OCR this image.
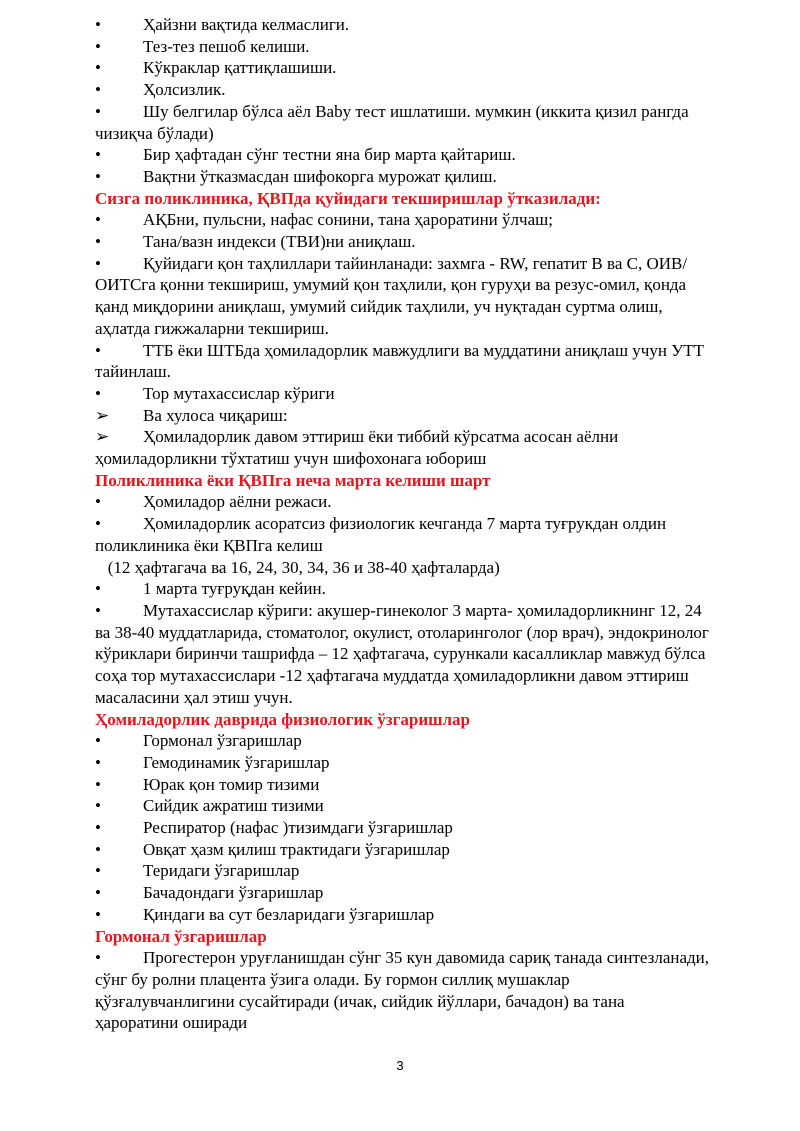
• Ҳайзни вақтида келмаслиги.
• Тез-тез пешоб келиши.
• Кўкраклар қаттиқлашиши.
• Ҳолсизлик.
• Шу белгилар бўлса аёл Baby тест ишлатиши. мумкин (иккита қизил рангда чизиқча бўлади)
• Бир ҳафтадан сўнг тестни яна бир марта қайтариш.
• Вақтни ўтказмасдан шифокорга мурожат қилиш.
Сизга поликлиника, ҚВПда қуйидаги текширишлар ўтказилади:
• АҚБни, пульсни, нафас сонини, тана ҳароратини ўлчаш;
• Тана/вазн индекси (ТВИ)ни аниқлаш.
• Қуйидаги қон таҳлиллари тайинланади: захмга - RW, гепатит В ва С, ОИВ/ОИТСга қонни текшириш, умумий қон таҳлили, қон гуруҳи ва резус-омил, қонда қанд миқдорини аниқлаш, умумий сийдик таҳлили, уч нуқтадан суртма олиш, аҳлатда гижжаларни текшириш.
• ТТБ ёки ШТБда ҳомиладорлик мавжудлиги ва муддатини аниқлаш учун УТТ тайинлаш.
• Тор мутахассислар кўриги
➢ Ва хулоса чиқариш:
➢ Ҳомиладорлик давом эттириш ёки тиббий кўрсатма асосан аёлни ҳомиладорликни тўхтатиш учун шифохонага юбориш
Поликлиника ёки ҚВПга неча марта келиши шарт
• Ҳомиладор аёлни режаси.
• Ҳомиладорлик асоратсиз физиологик кечганда 7 марта туғрукдан олдин поликлиника ёки ҚВПга келиш
(12 ҳафтагача ва 16, 24, 30, 34, 36 и 38-40 ҳафталарда)
• 1 марта туғруқдан кейин.
• Мутахассислар кўриги: акушер-гинеколог 3 марта- ҳомиладорликнинг 12, 24 ва 38-40 муддатларида, стоматолог, окулист, отоларинголог (лор врач), эндокринолог кўриклари биринчи ташрифда – 12 ҳафтагача, сурункали касалликлар мавжуд бўлса соҳа тор мутахассислари -12 ҳафтагача муддатда ҳомиладорликни давом эттириш масаласини ҳал этиш учун.
Ҳомиладорлик даврида физиологик ўзгаришлар
• Гормонал ўзгаришлар
• Гемодинамик ўзгаришлар
• Юрак қон томир тизими
• Сийдик ажратиш тизими
• Респиратор (нафас )тизимдаги ўзгаришлар
• Овқат ҳазм қилиш трактидаги ўзгаришлар
• Теридаги ўзгаришлар
• Бачадондаги ўзгаришлар
• Қиндаги ва сут безларидаги ўзгаришлар
Гормонал ўзгаришлар
• Прогестерон уруғланишдан сўнг 35 кун давомида сариқ танада синтезланади, сўнг бу ролни плацента ўзига олади. Бу гормон силлиқ мушаклар қўзғалувчанлигини сусайтиради (ичак, сийдик йўллари, бачадон) ва тана ҳароратини оширади
3
